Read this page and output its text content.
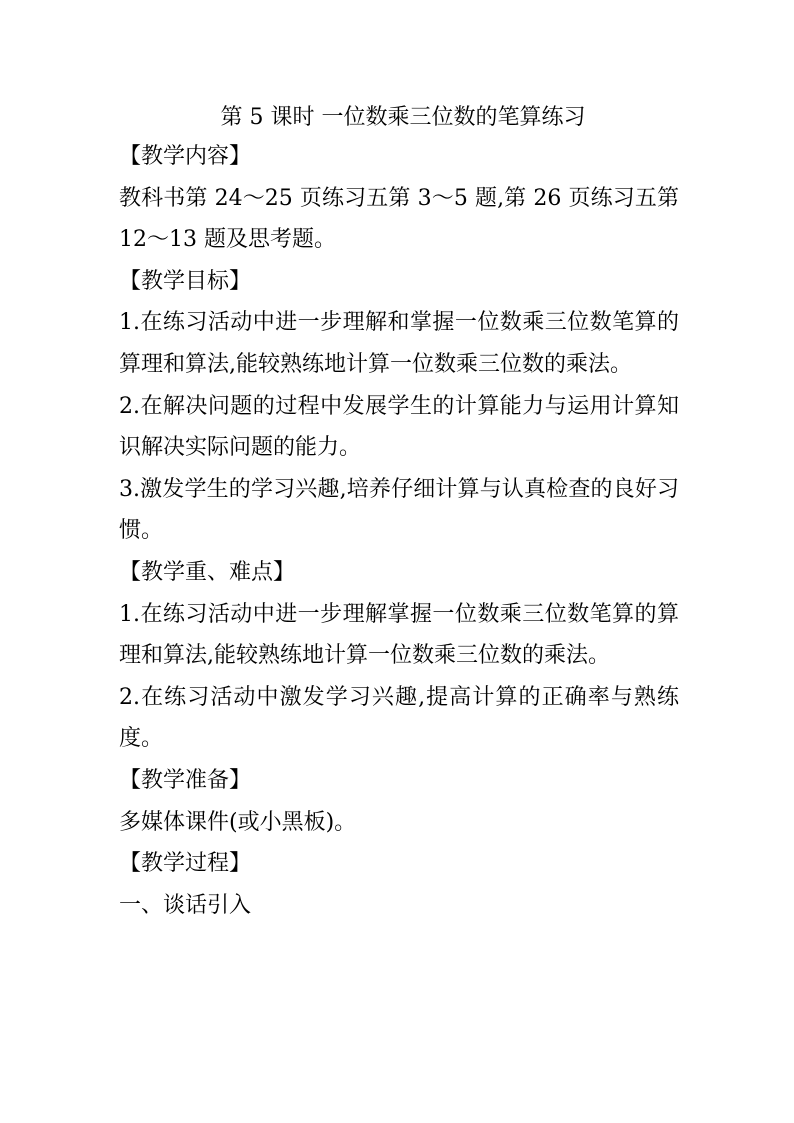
第 5 课时 一位数乘三位数的笔算练习

【教学内容】

教科书第 24～25 页练习五第 3～5 题,第 26 页练习五第 12～13 题及思考题。

【教学目标】

1.在练习活动中进一步理解和掌握一位数乘三位数笔算的算理和算法,能较熟练地计算一位数乘三位数的乘法。

2.在解决问题的过程中发展学生的计算能力与运用计算知识解决实际问题的能力。

3.激发学生的学习兴趣,培养仔细计算与认真检查的良好习惯。

【教学重、难点】

1.在练习活动中进一步理解掌握一位数乘三位数笔算的算理和算法,能较熟练地计算一位数乘三位数的乘法。

2.在练习活动中激发学习兴趣,提高计算的正确率与熟练度。

【教学准备】

多媒体课件(或小黑板)。

【教学过程】

一、谈话引入
